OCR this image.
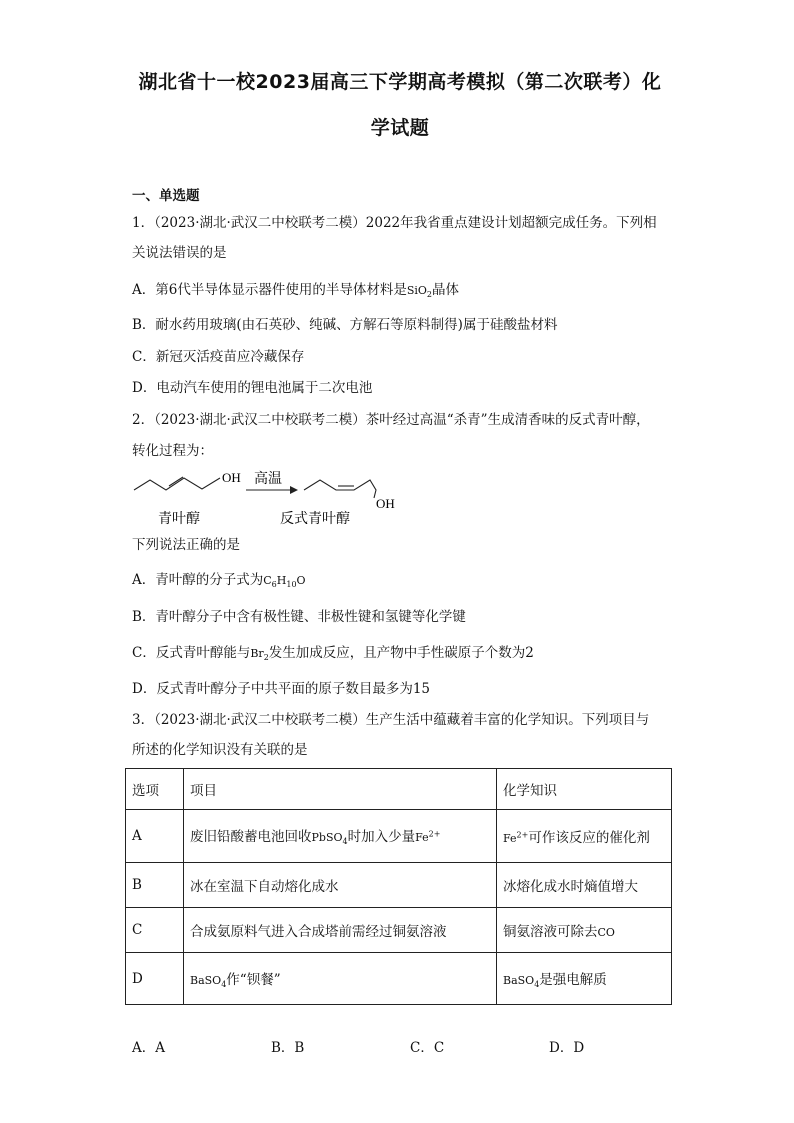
湖北省十一校2023届高三下学期高考模拟（第二次联考）化
学试题
一、单选题
1．（2023·湖北·武汉二中校联考二模）2022年我省重点建设计划超额完成任务。下列相
关说法错误的是
A．第6代半导体显示器件使用的半导体材料是SiO$_2$晶体
B．耐水药用玻璃(由石英砂、纯碱、方解石等原料制得)属于硅酸盐材料
C．新冠灭活疫苗应冷藏保存
D．电动汽车使用的锂电池属于二次电池
2．（2023·湖北·武汉二中校联考二模）茶叶经过高温“杀青”生成清香味的反式青叶醇，
转化过程为：
OH 高温
OH
青叶醇	反式青叶醇
下列说法正确的是
A．青叶醇的分子式为$C_6H_{10}O$
B．青叶醇分子中含有极性键、非极性键和氢键等化学键
C．反式青叶醇能与$Br_2$发生加成反应，且产物中手性碳原子个数为2
D．反式青叶醇分子中共平面的原子数目最多为15
3．（2023·湖北·武汉二中校联考二模）生产生活中蕴藏着丰富的化学知识。下列项目与
所述的化学知识没有关联的是
选项	项目	化学知识
A	废旧铅酸蓄电池回收PbSO$_4$时加入少量$Fe^{2+}$	$Fe^{2+}$可作该反应的催化剂
B	冰在室温下自动熔化成水	冰熔化成水时熵值增大
C	合成氨原料气进入合成塔前需经过铜氨溶液	铜氨溶液可除去CO
D	BaSO$_4$作“钡餐”	BaSO$_4$是强电解质
A．A	B．B	C．C	D．D
